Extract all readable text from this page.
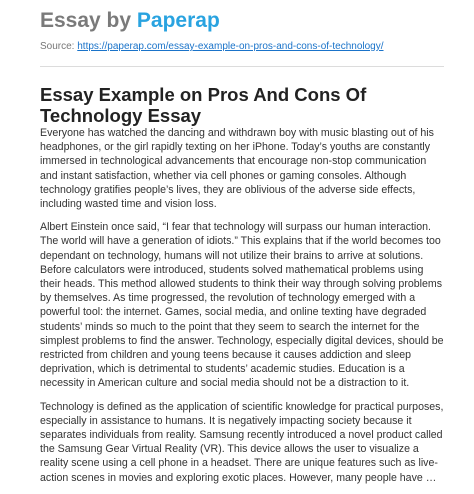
Essay by Paperap
Source: https://paperap.com/essay-example-on-pros-and-cons-of-technology/
Essay Example on Pros And Cons Of Technology Essay

Everyone has watched the dancing and withdrawn boy with music blasting out of his headphones, or the girl rapidly texting on her iPhone. Today’s youths are constantly immersed in technological advancements that encourage non-stop communication and instant satisfaction, whether via cell phones or gaming consoles. Although technology gratifies people’s lives, they are oblivious of the adverse side effects, including wasted time and vision loss.

Albert Einstein once said, “I fear that technology will surpass our human interaction. The world will have a generation of idiots.” This explains that if the world becomes too dependant on technology, humans will not utilize their brains to arrive at solutions. Before calculators were introduced, students solved mathematical problems using their heads. This method allowed students to think their way through solving problems by themselves. As time progressed, the revolution of technology emerged with a powerful tool: the internet. Games, social media, and online texting have degraded students’ minds so much to the point that they seem to search the internet for the simplest problems to find the answer. Technology, especially digital devices, should be restricted from children and young teens because it causes addiction and sleep deprivation, which is detrimental to students’ academic studies. Education is a necessity in American culture and social media should not be a distraction to it.

Technology is defined as the application of scientific knowledge for practical purposes, especially in assistance to humans. It is negatively impacting society because it separates individuals from reality. Samsung recently introduced a novel product called the Samsung Gear Virtual Reality (VR). This device allows the user to visualize a reality scene using a cell phone in a headset. There are unique features such as live-action scenes in movies and exploring exotic places. However, many people have …
